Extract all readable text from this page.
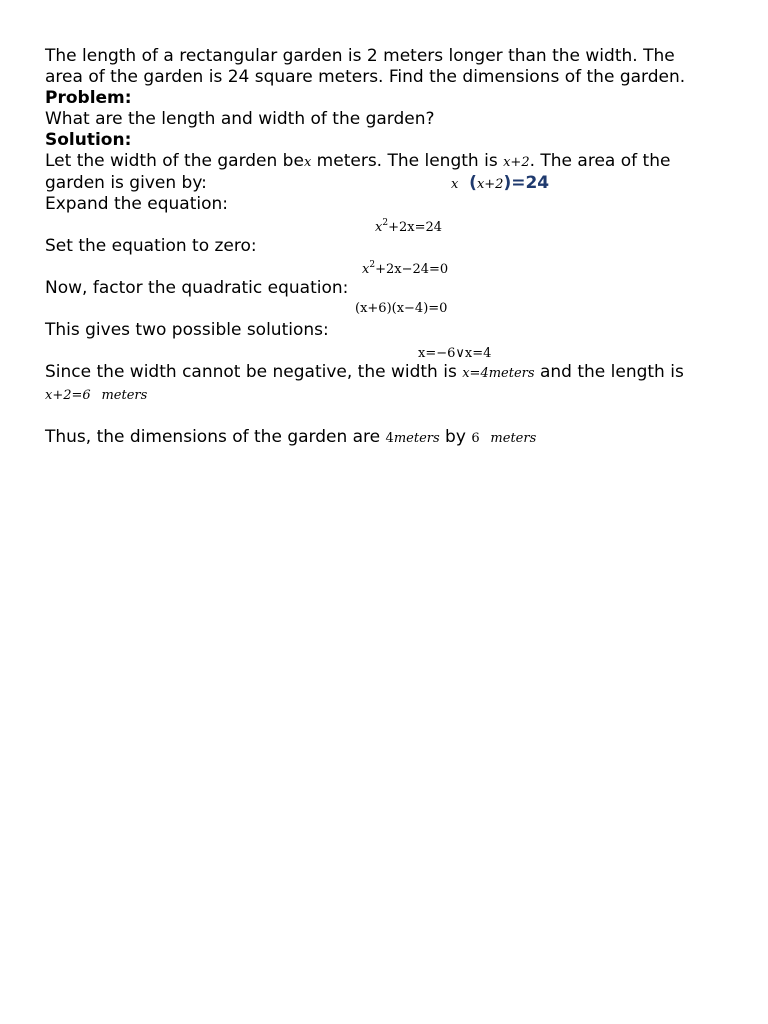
The length of a rectangular garden is 2 meters longer than the width. The
area of the garden is 24 square meters. Find the dimensions of the garden.
Problem:
What are the length and width of the garden?
Solution:
Let the width of the garden bex meters. The length is x+2. The area of the
garden is given by:	x (x+2)=24
Expand the equation:
$x^2+2x=24$
Set the equation to zero:
$x^2+2x-24=0$
Now, factor the quadratic equation:
(x+6)(x−4)=0
This gives two possible solutions:
x=−6∨x=4
Since the width cannot be negative, the width is x=4meters and the length is
x+2=6 meters
Thus, the dimensions of the garden are 4meters by 6 meters
